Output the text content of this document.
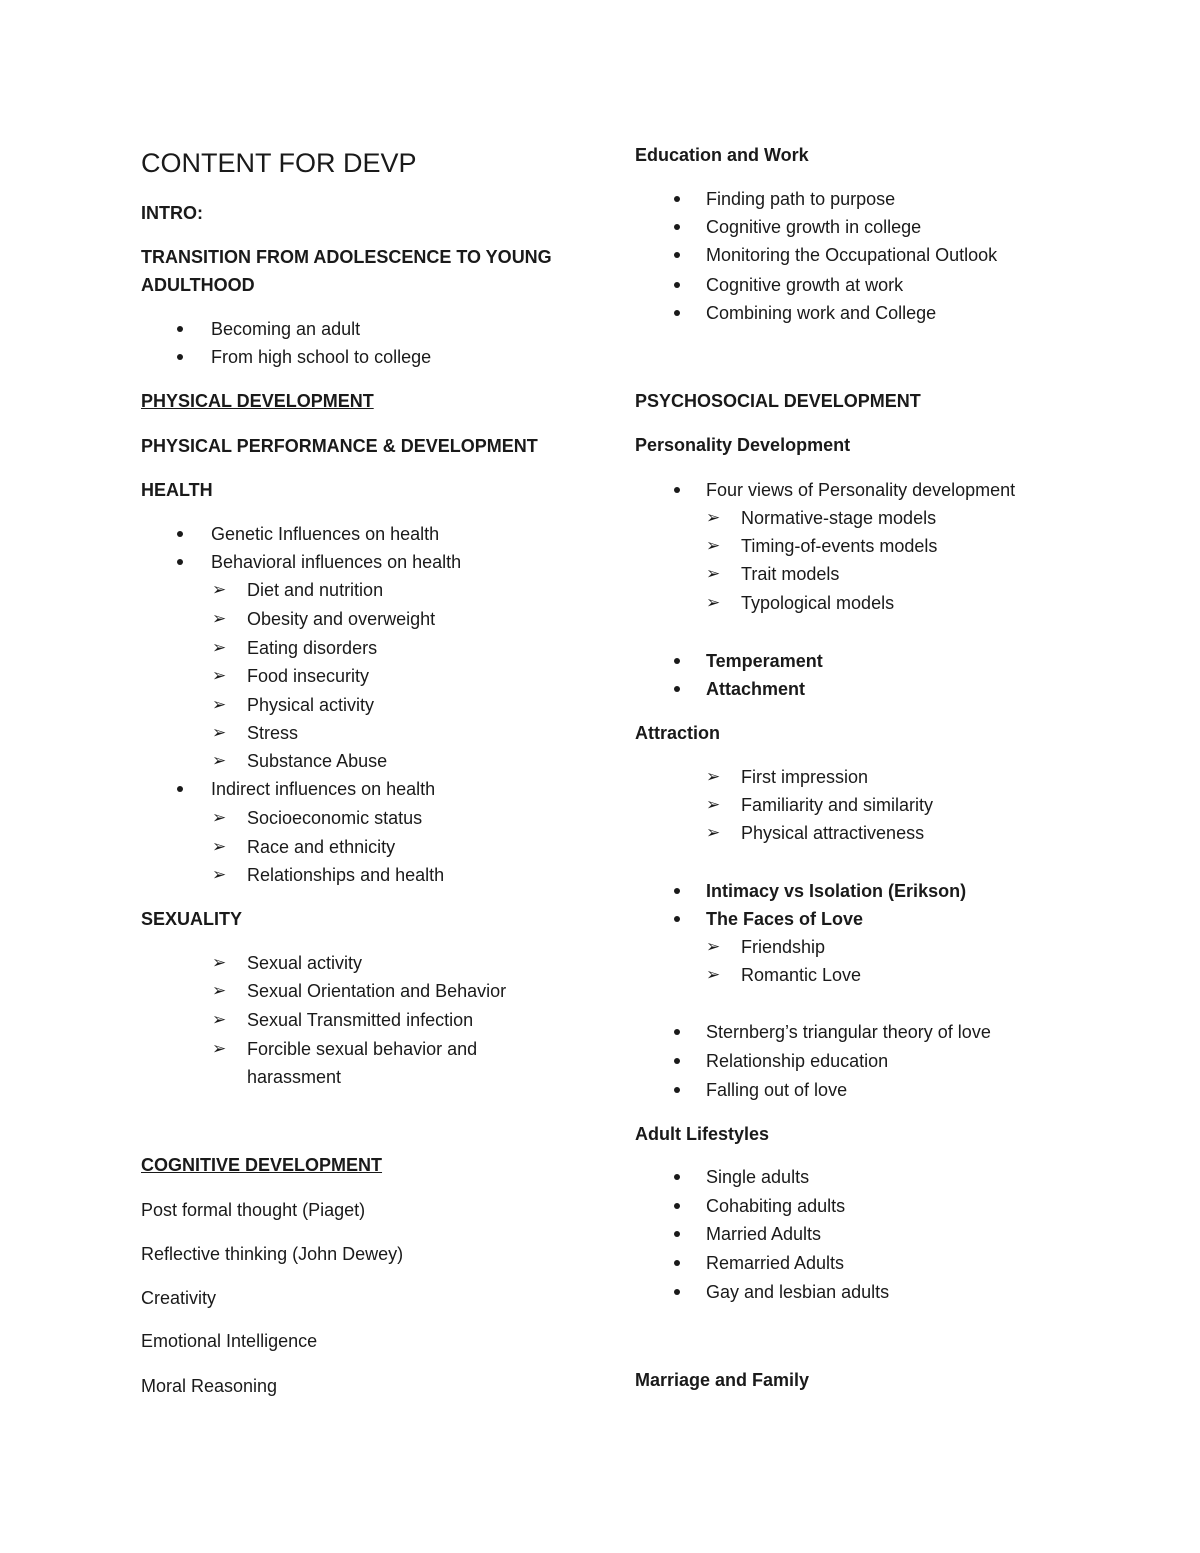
CONTENT FOR DEVP
INTRO:
TRANSITION FROM ADOLESCENCE TO YOUNG
ADULTHOOD
Becoming an adult
From high school to college
PHYSICAL DEVELOPMENT
PHYSICAL PERFORMANCE & DEVELOPMENT
HEALTH
Genetic Influences on health
Behavioral influences on health
➢ Diet and nutrition
➢ Obesity and overweight
➢ Eating disorders
➢ Food insecurity
➢ Physical activity
➢ Stress
➢ Substance Abuse
Indirect influences on health
➢ Socioeconomic status
➢ Race and ethnicity
➢ Relationships and health
SEXUALITY
➢ Sexual activity
➢ Sexual Orientation and Behavior
➢ Sexual Transmitted infection
➢ Forcible sexual behavior and
harassment
COGNITIVE DEVELOPMENT
Post formal thought (Piaget)
Reflective thinking (John Dewey)
Creativity
Emotional Intelligence
Moral Reasoning
Education and Work
Finding path to purpose
Cognitive growth in college
Monitoring the Occupational Outlook
Cognitive growth at work
Combining work and College
PSYCHOSOCIAL DEVELOPMENT
Personality Development
Four views of Personality development
➢ Normative-stage models
➢ Timing-of-events models
➢ Trait models
➢ Typological models
Temperament
Attachment
Attraction
➢ First impression
➢ Familiarity and similarity
➢ Physical attractiveness
Intimacy vs Isolation (Erikson)
The Faces of Love
➢ Friendship
➢ Romantic Love
Sternberg’s triangular theory of love
Relationship education
Falling out of love
Adult Lifestyles
Single adults
Cohabiting adults
Married Adults
Remarried Adults
Gay and lesbian adults
Marriage and Family
